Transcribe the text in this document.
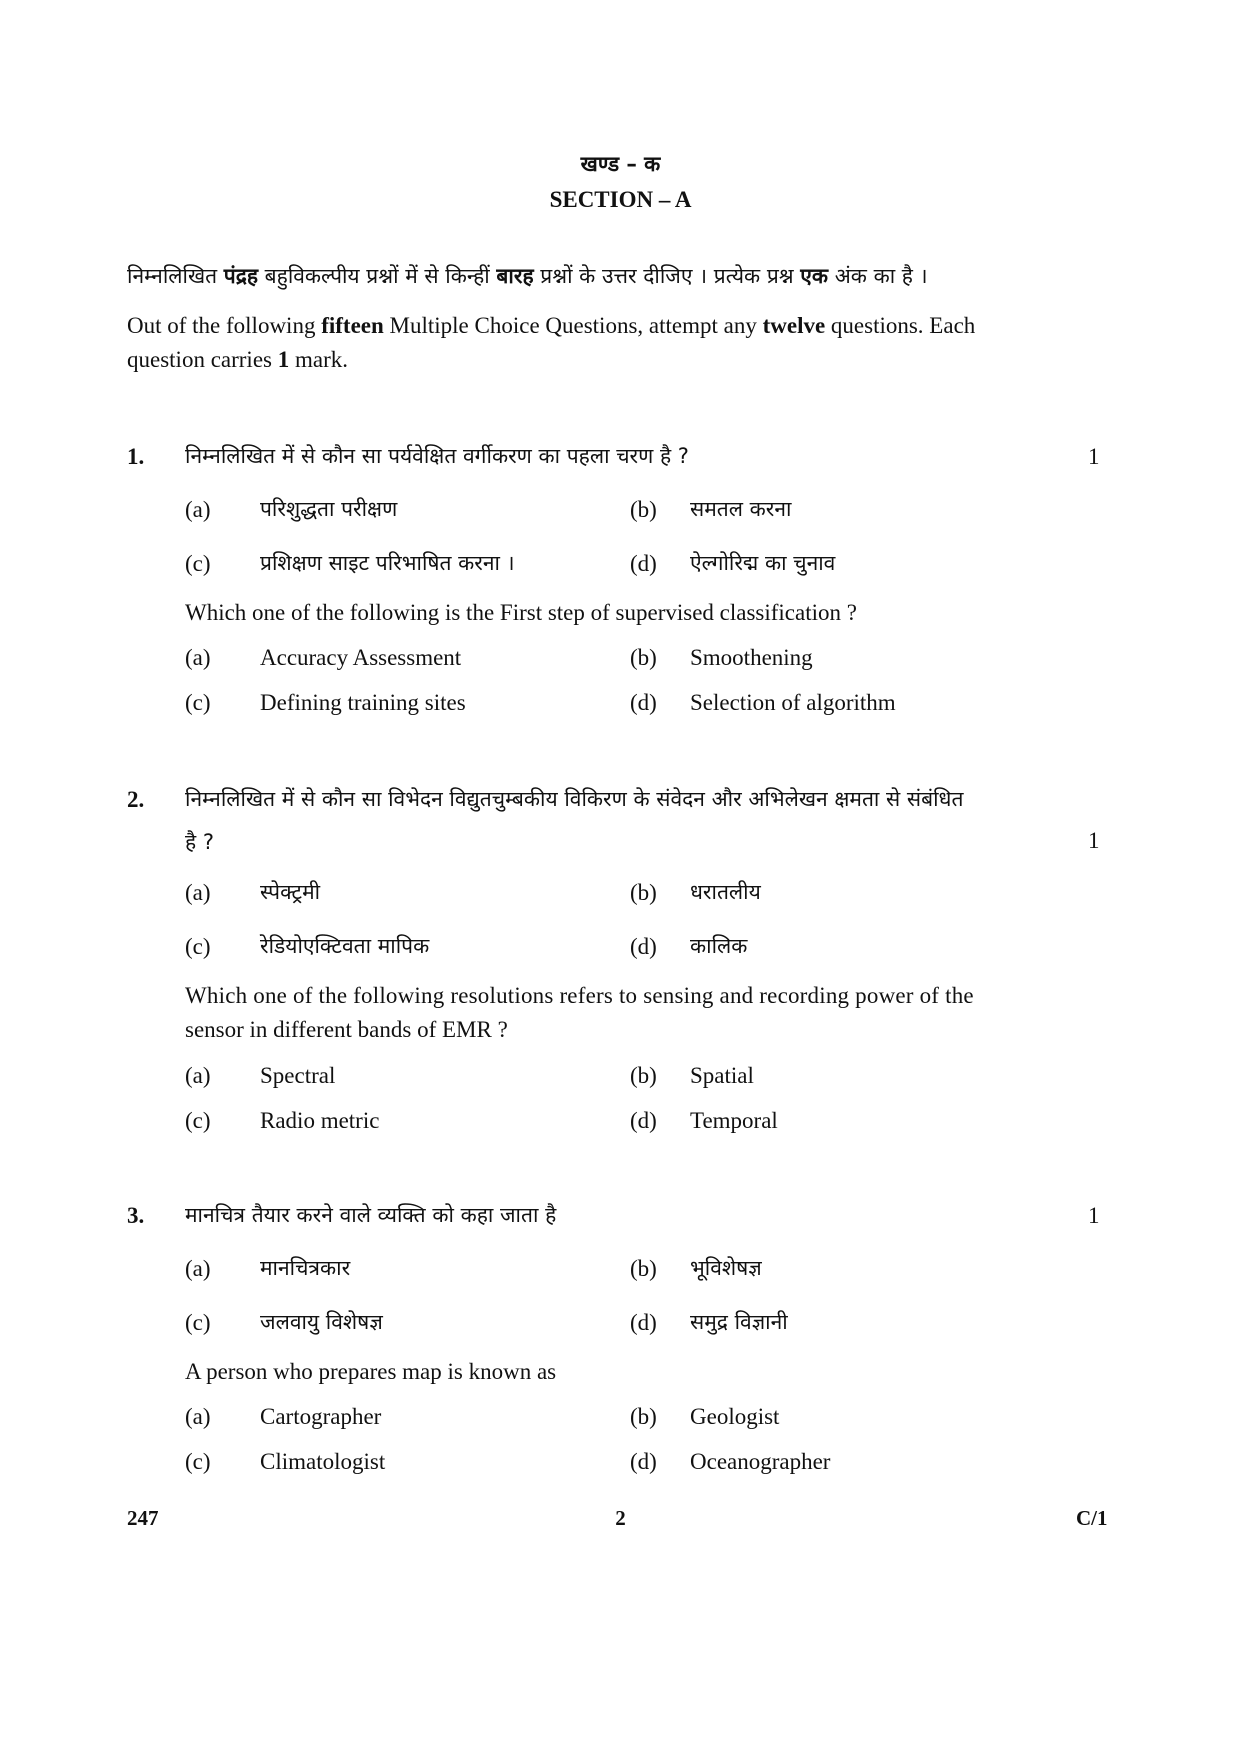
खण्ड – क
SECTION – A
निम्नलिखित पंद्रह बहुविकल्पीय प्रश्नों में से किन्हीं बारह प्रश्नों के उत्तर दीजिए । प्रत्येक प्रश्न एक अंक का है ।
Out of the following fifteen Multiple Choice Questions, attempt any twelve questions. Each
question carries 1 mark.
1. निम्नलिखित में से कौन सा पर्यवेक्षित वर्गीकरण का पहला चरण है ?	1
(a) परिशुद्धता परीक्षण	(b) समतल करना
(c) प्रशिक्षण साइट परिभाषित करना ।	(d) ऐल्गोरिद्म का चुनाव
Which one of the following is the First step of supervised classification ?
(a) Accuracy Assessment	(b) Smoothening
(c) Defining training sites	(d) Selection of algorithm
2. निम्नलिखित में से कौन सा विभेदन विद्युतचुम्बकीय विकिरण के संवेदन और अभिलेखन क्षमता से संबंधित
है ?	1
(a) स्पेक्ट्रमी	(b) धरातलीय
(c) रेडियोएक्टिवता मापिक	(d) कालिक
Which one of the following resolutions refers to sensing and recording power of the
sensor in different bands of EMR ?
(a) Spectral	(b) Spatial
(c) Radio metric	(d) Temporal
3. मानचित्र तैयार करने वाले व्यक्ति को कहा जाता है	1
(a) मानचित्रकार	(b) भूविशेषज्ञ
(c) जलवायु विशेषज्ञ	(d) समुद्र विज्ञानी
A person who prepares map is known as
(a) Cartographer	(b) Geologist
(c) Climatologist	(d) Oceanographer
247	2	C/1
